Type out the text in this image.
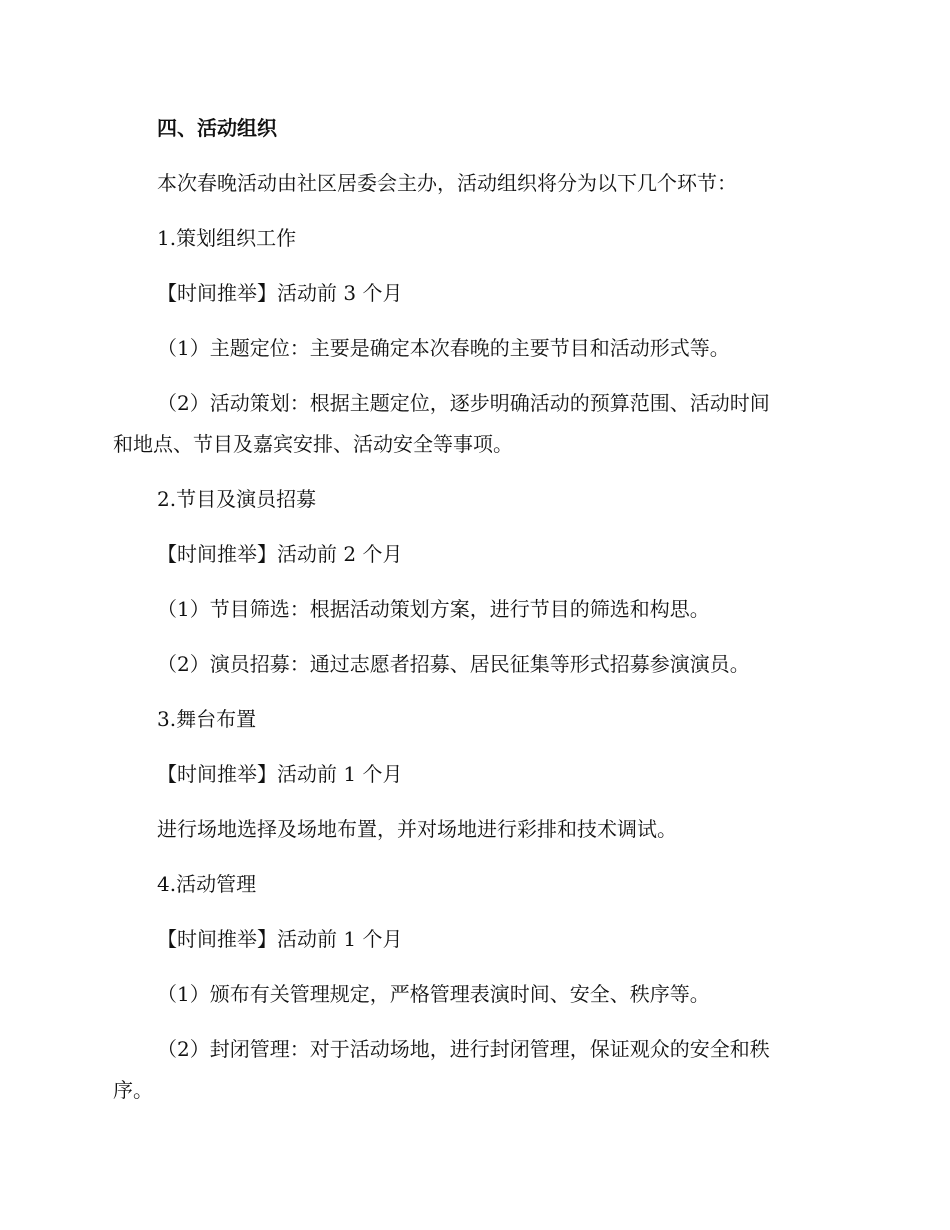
四、活动组织
本次春晚活动由社区居委会主办，活动组织将分为以下几个环节：
1.策划组织工作
【时间推举】活动前 3 个月
（1）主题定位：主要是确定本次春晚的主要节目和活动形式等。
（2）活动策划：根据主题定位，逐步明确活动的预算范围、活动时间
和地点、节目及嘉宾安排、活动安全等事项。
2.节目及演员招募
【时间推举】活动前 2 个月
（1）节目筛选：根据活动策划方案，进行节目的筛选和构思。
（2）演员招募：通过志愿者招募、居民征集等形式招募参演演员。
3.舞台布置
【时间推举】活动前 1 个月
进行场地选择及场地布置，并对场地进行彩排和技术调试。
4.活动管理
【时间推举】活动前 1 个月
（1）颁布有关管理规定，严格管理表演时间、安全、秩序等。
（2）封闭管理：对于活动场地，进行封闭管理，保证观众的安全和秩
序。
